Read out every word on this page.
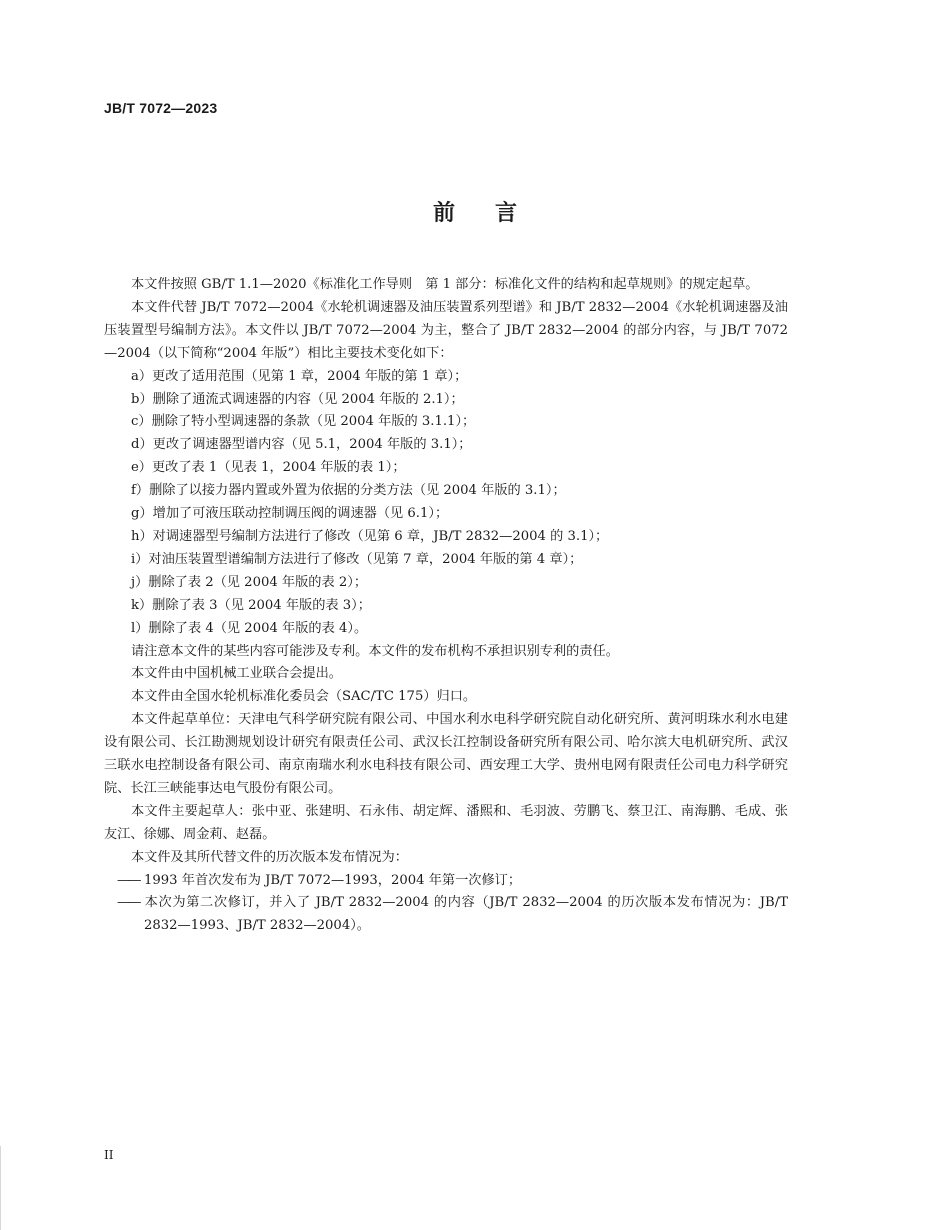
JB/T 7072—2023
前言

本文件按照 GB/T 1.1—2020《标准化工作导则　第 1 部分：标准化文件的结构和起草规则》的规定起草。

本文件代替 JB/T 7072—2004《水轮机调速器及油压装置系列型谱》和 JB/T 2832—2004《水轮机调速器及油压装置型号编制方法》。本文件以 JB/T 7072—2004 为主，整合了 JB/T 2832—2004 的部分内容，与 JB/T 7072—2004（以下简称“2004 年版”）相比主要技术变化如下：

a）更改了适用范围（见第 1 章，2004 年版的第 1 章）；

b）删除了通流式调速器的内容（见 2004 年版的 2.1）；

c）删除了特小型调速器的条款（见 2004 年版的 3.1.1）；

d）更改了调速器型谱内容（见 5.1，2004 年版的 3.1）；

e）更改了表 1（见表 1，2004 年版的表 1）；

f）删除了以接力器内置或外置为依据的分类方法（见 2004 年版的 3.1）；

g）增加了可液压联动控制调压阀的调速器（见 6.1）；

h）对调速器型号编制方法进行了修改（见第 6 章，JB/T 2832—2004 的 3.1）；

i）对油压装置型谱编制方法进行了修改（见第 7 章，2004 年版的第 4 章）；

j）删除了表 2（见 2004 年版的表 2）；

k）删除了表 3（见 2004 年版的表 3）；

l）删除了表 4（见 2004 年版的表 4）。

请注意本文件的某些内容可能涉及专利。本文件的发布机构不承担识别专利的责任。

本文件由中国机械工业联合会提出。

本文件由全国水轮机标准化委员会（SAC/TC 175）归口。

本文件起草单位：天津电气科学研究院有限公司、中国水利水电科学研究院自动化研究所、黄河明珠水利水电建设有限公司、长江勘测规划设计研究有限责任公司、武汉长江控制设备研究所有限公司、哈尔滨大电机研究所、武汉三联水电控制设备有限公司、南京南瑞水利水电科技有限公司、西安理工大学、贵州电网有限责任公司电力科学研究院、长江三峡能事达电气股份有限公司。

本文件主要起草人：张中亚、张建明、石永伟、胡定辉、潘熙和、毛羽波、劳鹏飞、蔡卫江、南海鹏、毛成、张友江、徐娜、周金莉、赵磊。

本文件及其所代替文件的历次版本发布情况为：

—— 1993 年首次发布为 JB/T 7072—1993，2004 年第一次修订；

—— 本次为第二次修订，并入了 JB/T 2832—2004 的内容（JB/T 2832—2004 的历次版本发布情况为：JB/T 2832—1993、JB/T 2832—2004）。

II
